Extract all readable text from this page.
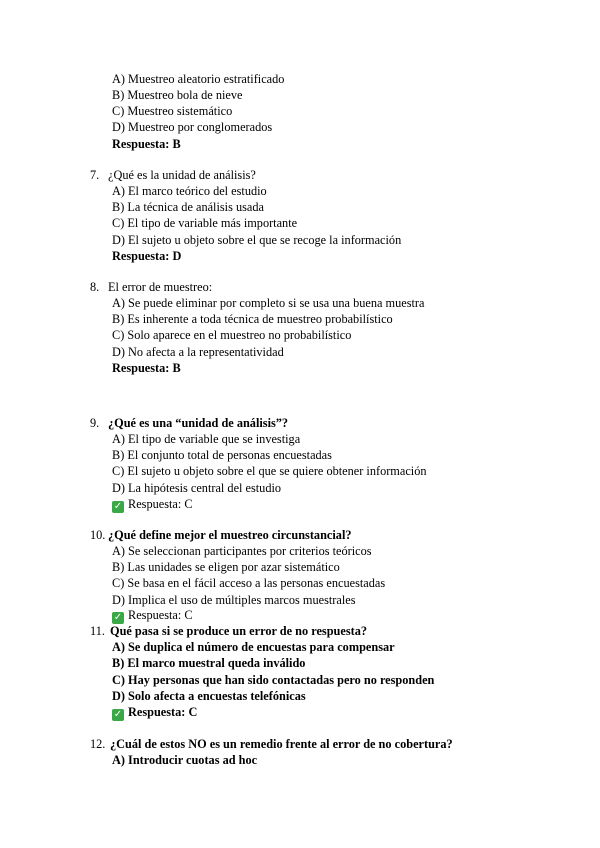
A) Muestreo aleatorio estratificado
B) Muestreo bola de nieve
C) Muestreo sistemático
D) Muestreo por conglomerados
Respuesta: B
7. ¿Qué es la unidad de análisis?
A) El marco teórico del estudio
B) La técnica de análisis usada
C) El tipo de variable más importante
D) El sujeto u objeto sobre el que se recoge la información
Respuesta: D
8. El error de muestreo:
A) Se puede eliminar por completo si se usa una buena muestra
B) Es inherente a toda técnica de muestreo probabilístico
C) Solo aparece en el muestreo no probabilístico
D) No afecta a la representatividad
Respuesta: B
9. ¿Qué es una “unidad de análisis”?
A) El tipo de variable que se investiga
B) El conjunto total de personas encuestadas
C) El sujeto u objeto sobre el que se quiere obtener información
D) La hipótesis central del estudio
✓ Respuesta: C
10. ¿Qué define mejor el muestreo circunstancial?
A) Se seleccionan participantes por criterios teóricos
B) Las unidades se eligen por azar sistemático
C) Se basa en el fácil acceso a las personas encuestadas
D) Implica el uso de múltiples marcos muestrales
✓ Respuesta: C
11. Qué pasa si se produce un error de no respuesta?
A) Se duplica el número de encuestas para compensar
B) El marco muestral queda inválido
C) Hay personas que han sido contactadas pero no responden
D) Solo afecta a encuestas telefónicas
✓ Respuesta: C
12. ¿Cuál de estos NO es un remedio frente al error de no cobertura?
A) Introducir cuotas ad hoc
